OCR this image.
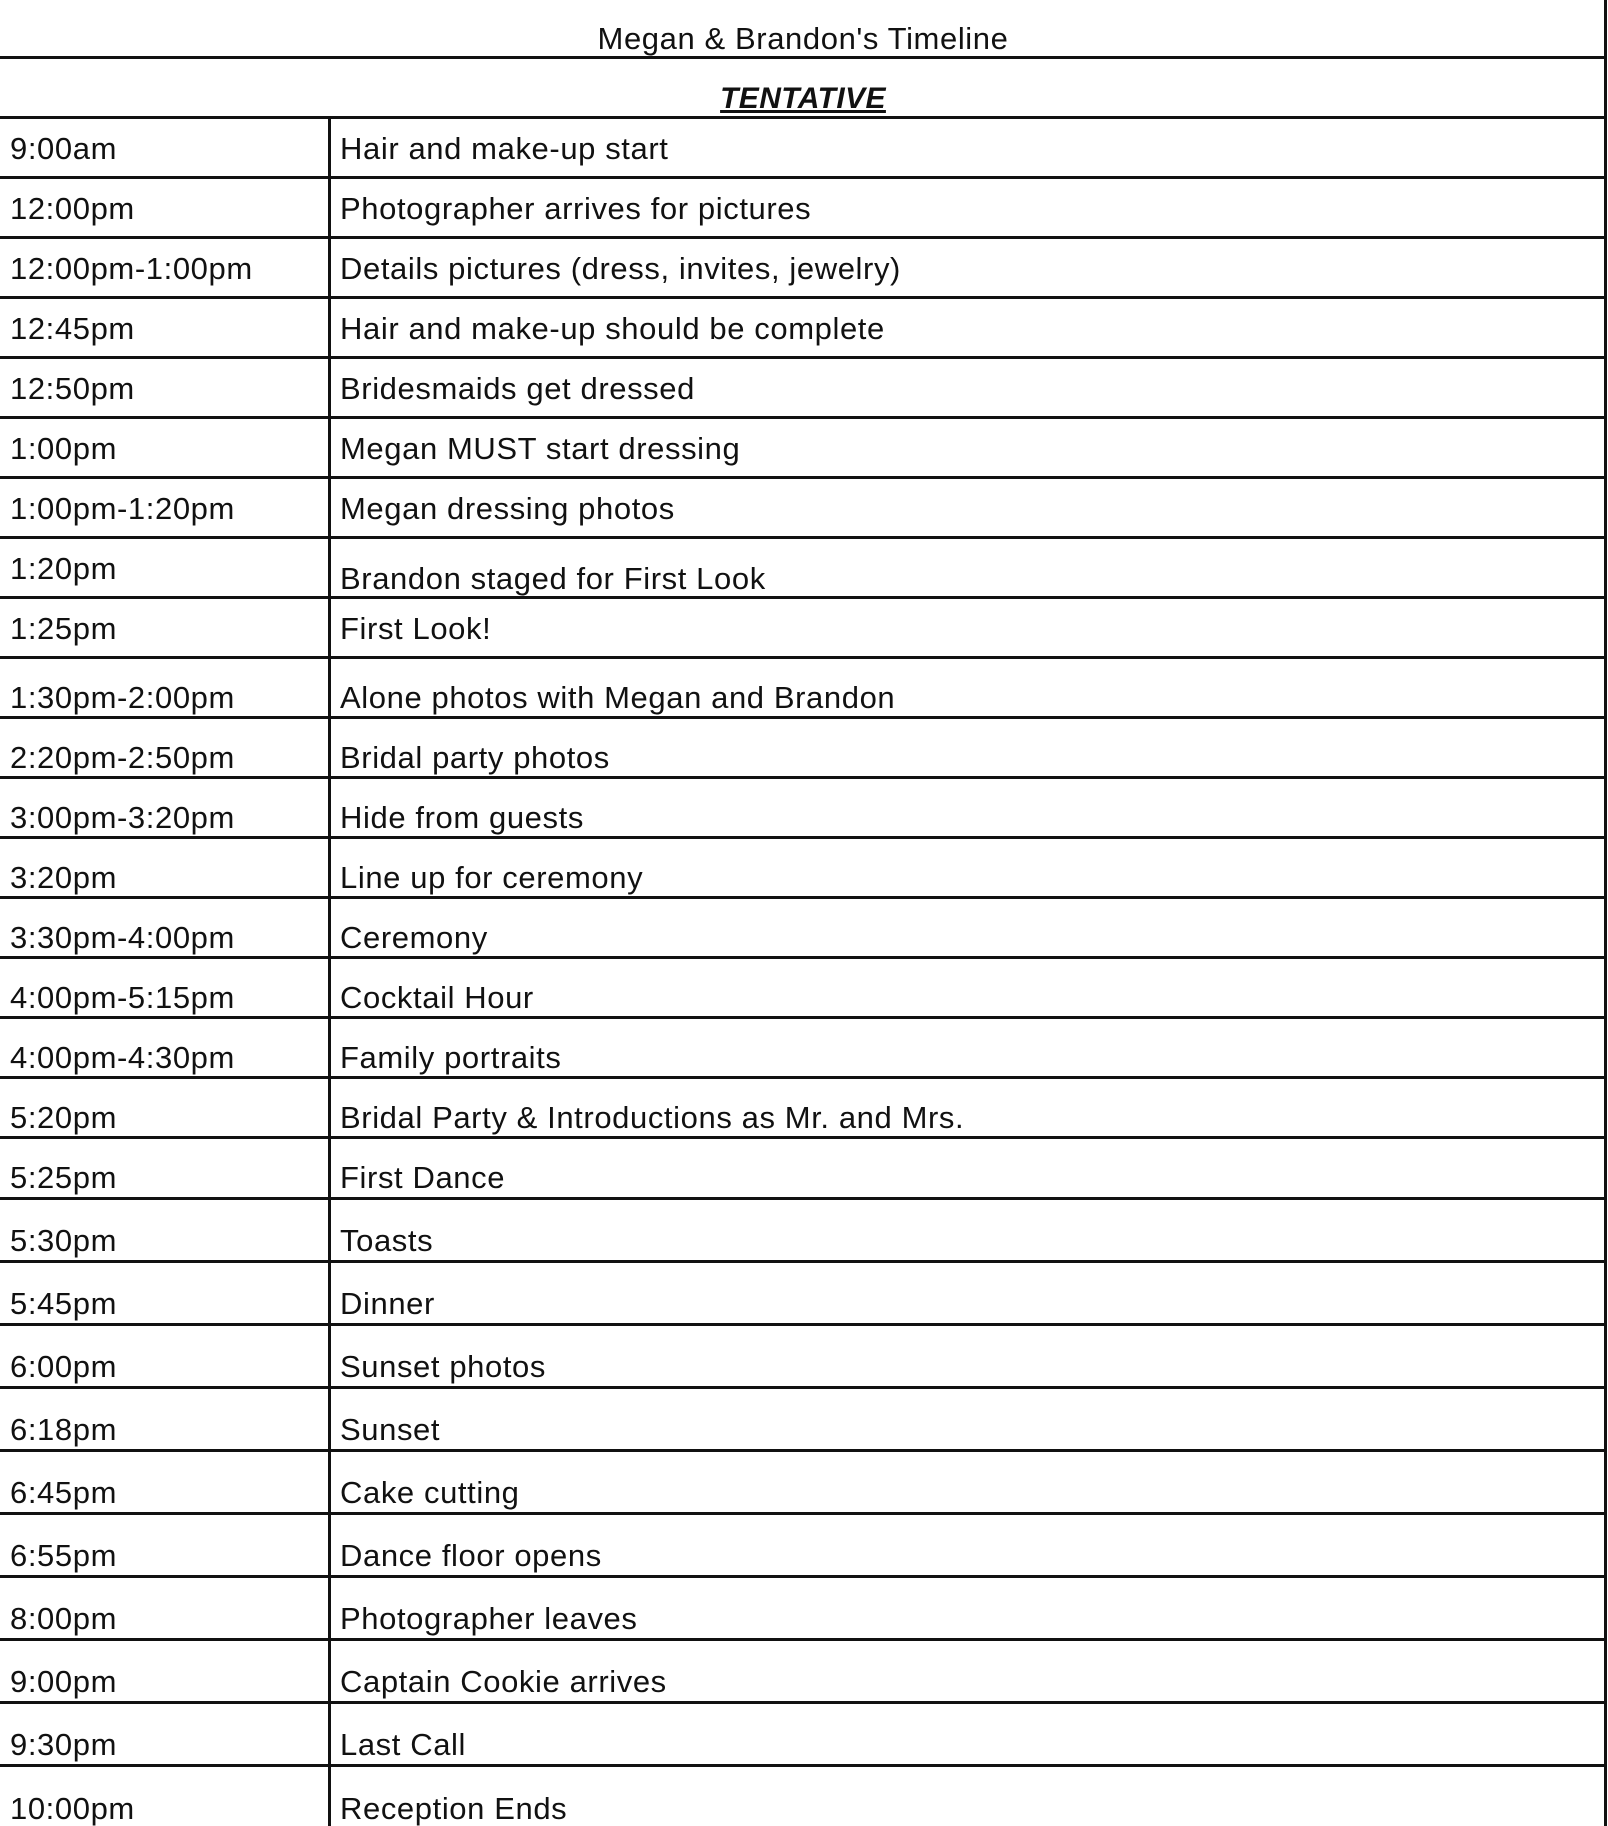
Megan & Brandon's Timeline
TENTATIVE
9:00am	Hair and make-up start
12:00pm	Photographer arrives for pictures
12:00pm-1:00pm	Details pictures (dress, invites, jewelry)
12:45pm	Hair and make-up should be complete
12:50pm	Bridesmaids get dressed
1:00pm	Megan MUST start dressing
1:00pm-1:20pm	Megan dressing photos
1:20pm	Brandon staged for First Look
1:25pm	First Look!
1:30pm-2:00pm	Alone photos with Megan and Brandon
2:20pm-2:50pm	Bridal party photos
3:00pm-3:20pm	Hide from guests
3:20pm	Line up for ceremony
3:30pm-4:00pm	Ceremony
4:00pm-5:15pm	Cocktail Hour
4:00pm-4:30pm	Family portraits
5:20pm	Bridal Party & Introductions as Mr. and Mrs.
5:25pm	First Dance
5:30pm	Toasts
5:45pm	Dinner
6:00pm	Sunset photos
6:18pm	Sunset
6:45pm	Cake cutting
6:55pm	Dance floor opens
8:00pm	Photographer leaves
9:00pm	Captain Cookie arrives
9:30pm	Last Call
10:00pm	Reception Ends
